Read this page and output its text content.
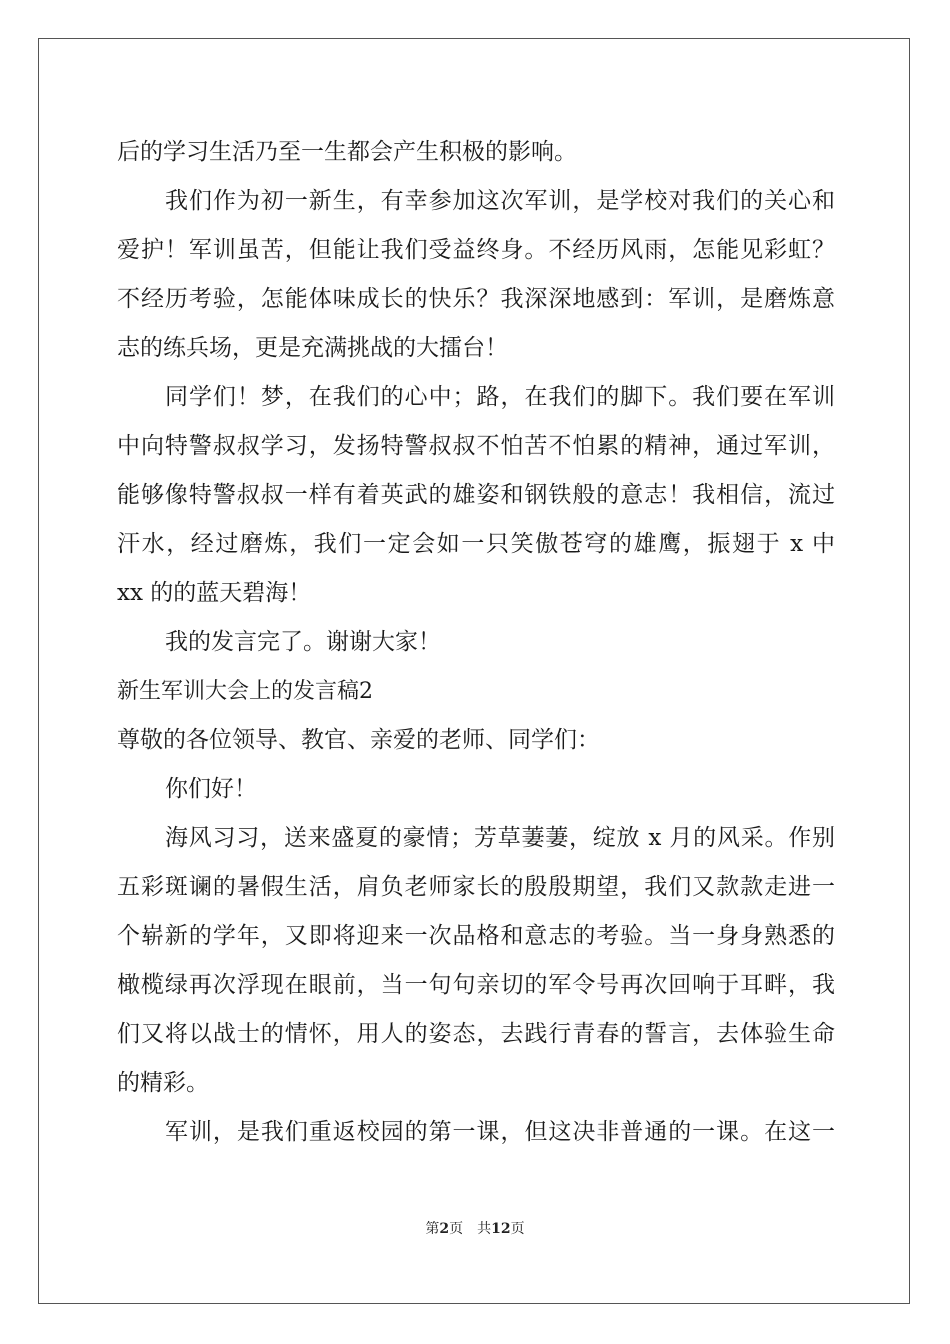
后的学习生活乃至一生都会产生积极的影响。
我们作为初一新生，有幸参加这次军训，是学校对我们的关心和
爱护！军训虽苦，但能让我们受益终身。不经历风雨，怎能见彩虹？
不经历考验，怎能体味成长的快乐？我深深地感到：军训，是磨炼意
志的练兵场，更是充满挑战的大擂台！
同学们！梦，在我们的心中；路，在我们的脚下。我们要在军训
中向特警叔叔学习，发扬特警叔叔不怕苦不怕累的精神，通过军训，
能够像特警叔叔一样有着英武的雄姿和钢铁般的意志！我相信，流过
汗水，经过磨炼，我们一定会如一只笑傲苍穹的雄鹰，振翅于 x 中
xx 的的蓝天碧海！
我的发言完了。谢谢大家！
新生军训大会上的发言稿2
尊敬的各位领导、教官、亲爱的老师、同学们：
你们好！
海风习习，送来盛夏的豪情；芳草萋萋，绽放 x 月的风采。作别
五彩斑谰的暑假生活，肩负老师家长的殷殷期望，我们又款款走进一
个崭新的学年，又即将迎来一次品格和意志的考验。当一身身熟悉的
橄榄绿再次浮现在眼前，当一句句亲切的军令号再次回响于耳畔，我
们又将以战士的情怀，用人的姿态，去践行青春的誓言，去体验生命
的精彩。
军训，是我们重返校园的第一课，但这决非普通的一课。在这一
第2页 共12页
